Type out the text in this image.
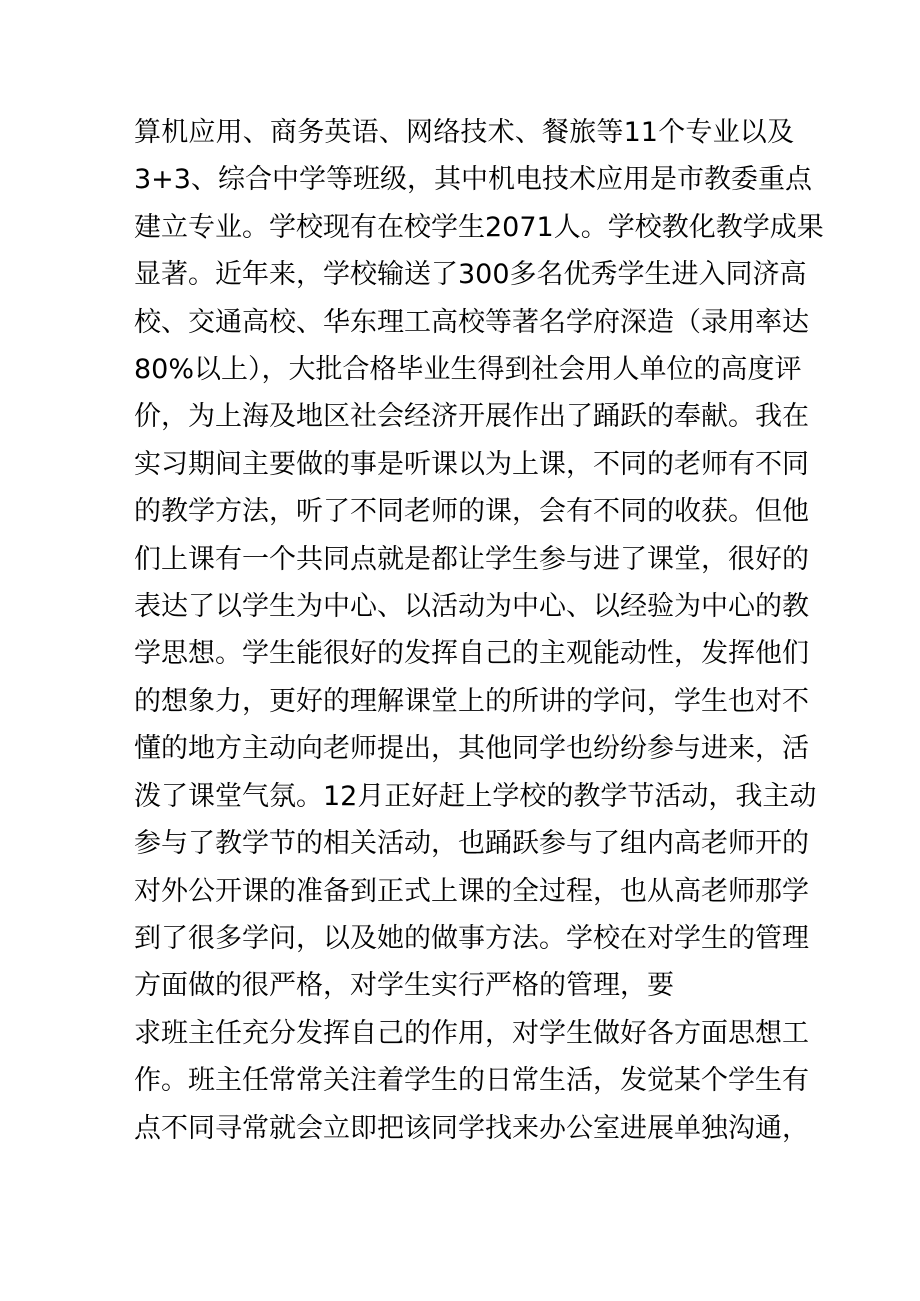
算机应用、商务英语、网络技术、餐旅等11个专业以及
3+3、综合中学等班级，其中机电技术应用是市教委重点
建立专业。学校现有在校学生2071人。学校教化教学成果
显著。近年来，学校输送了300多名优秀学生进入同济高
校、交通高校、华东理工高校等著名学府深造（录用率达
80%以上），大批合格毕业生得到社会用人单位的高度评
价，为上海及地区社会经济开展作出了踊跃的奉献。我在
实习期间主要做的事是听课以为上课，不同的老师有不同
的教学方法，听了不同老师的课，会有不同的收获。但他
们上课有一个共同点就是都让学生参与进了课堂，很好的
表达了以学生为中心、以活动为中心、以经验为中心的教
学思想。学生能很好的发挥自己的主观能动性，发挥他们
的想象力，更好的理解课堂上的所讲的学问，学生也对不
懂的地方主动向老师提出，其他同学也纷纷参与进来，活
泼了课堂气氛。12月正好赶上学校的教学节活动，我主动
参与了教学节的相关活动，也踊跃参与了组内高老师开的
对外公开课的准备到正式上课的全过程，也从高老师那学
到了很多学问，以及她的做事方法。学校在对学生的管理
方面做的很严格，对学生实行严格的管理，要
求班主任充分发挥自己的作用，对学生做好各方面思想工
作。班主任常常关注着学生的日常生活，发觉某个学生有
点不同寻常就会立即把该同学找来办公室进展单独沟通，
